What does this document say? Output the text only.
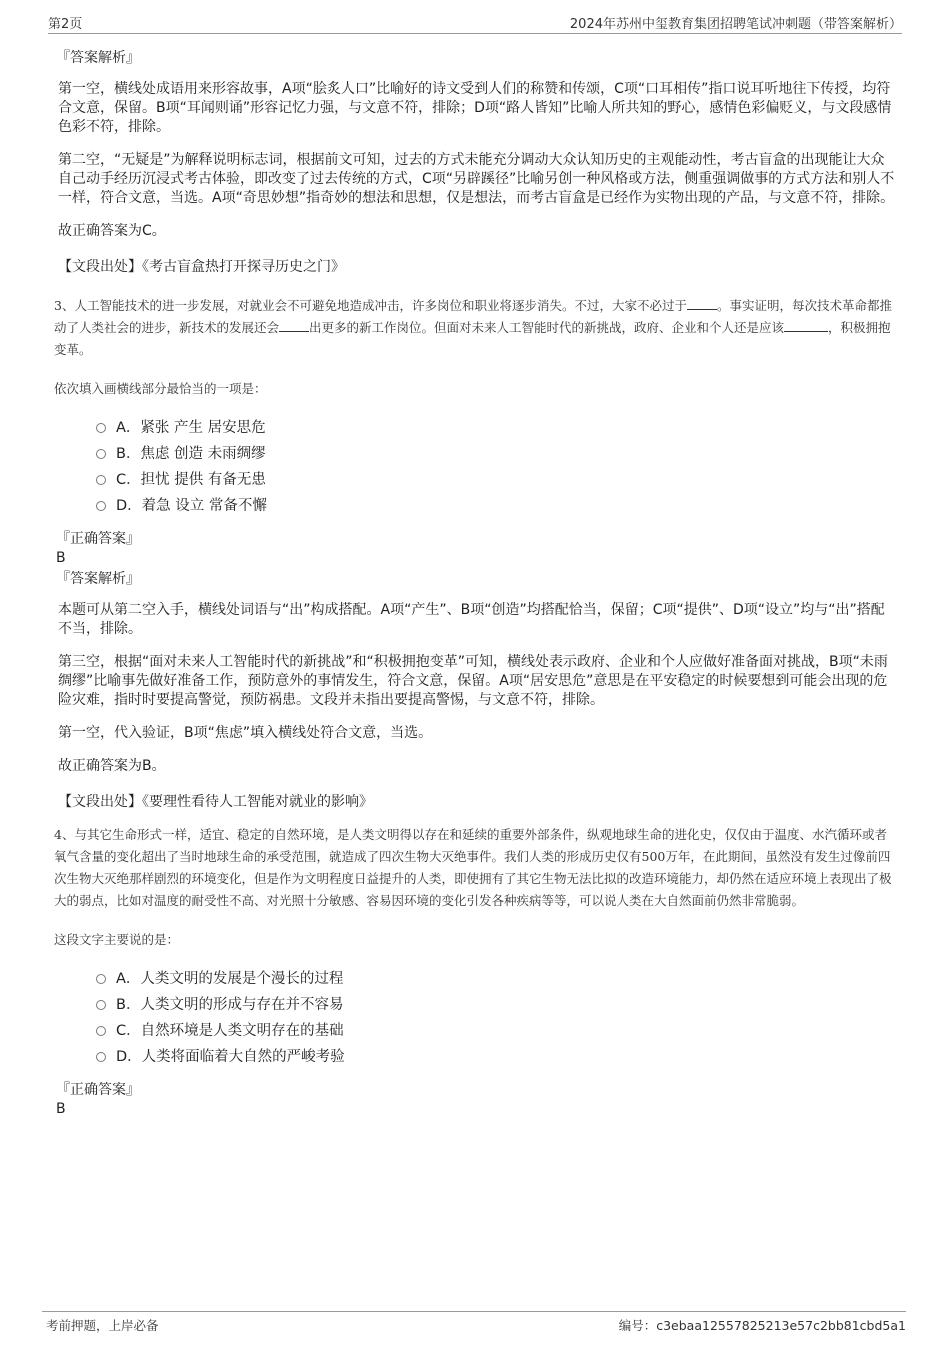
第2页	2024年苏州中玺教育集团招聘笔试冲刺题（带答案解析）
『答案解析』

第一空，横线处成语用来形容故事，A项“脍炙人口”比喻好的诗文受到人们的称赞和传颂，C项“口耳相传”指口说耳听地往下传授，均符合文意，保留。B项“耳闻则诵”形容记忆力强，与文意不符，排除；D项“路人皆知”比喻人所共知的野心，感情色彩偏贬义，与文段感情色彩不符，排除。

第二空，“无疑是”为解释说明标志词，根据前文可知，过去的方式未能充分调动大众认知历史的主观能动性，考古盲盒的出现能让大众自己动手经历沉浸式考古体验，即改变了过去传统的方式，C项“另辟蹊径”比喻另创一种风格或方法，侧重强调做事的方式方法和别人不一样，符合文意，当选。A项“奇思妙想”指奇妙的想法和思想，仅是想法，而考古盲盒是已经作为实物出现的产品，与文意不符，排除。

故正确答案为C。

【文段出处】《考古盲盒热打开探寻历史之门》
3、人工智能技术的进一步发展，对就业会不可避免地造成冲击，许多岗位和职业将逐步消失。不过，大家不必过于 。事实证明，每次技术革命都推动了人类社会的进步，新技术的发展还会 出更多的新工作岗位。但面对未来人工智能时代的新挑战，政府、企业和个人还是应该	，积极拥抱变革。
依次填入画横线部分最恰当的一项是：
A．紧张 产生 居安思危
B．焦虑 创造 未雨绸缪
C．担忧 提供 有备无患
D．着急 设立 常备不懈
『正确答案』
B
『答案解析』

本题可从第二空入手，横线处词语与“出”构成搭配。A项“产生”、B项“创造”均搭配恰当，保留；C项“提供”、D项“设立”均与“出”搭配不当，排除。

第三空，根据“面对未来人工智能时代的新挑战”和“积极拥抱变革”可知，横线处表示政府、企业和个人应做好准备面对挑战，B项“未雨绸缪”比喻事先做好准备工作，预防意外的事情发生，符合文意，保留。A项“居安思危”意思是在平安稳定的时候要想到可能会出现的危险灾难，指时时要提高警觉，预防祸患。文段并未指出要提高警惕，与文意不符，排除。

第一空，代入验证，B项“焦虑”填入横线处符合文意，当选。

故正确答案为B。

【文段出处】《要理性看待人工智能对就业的影响》
4、与其它生命形式一样，适宜、稳定的自然环境，是人类文明得以存在和延续的重要外部条件，纵观地球生命的进化史，仅仅由于温度、水汽循环或者氧气含量的变化超出了当时地球生命的承受范围，就造成了四次生物大灭绝事件。我们人类的形成历史仅有500万年，在此期间，虽然没有发生过像前四次生物大灭绝那样剧烈的环境变化，但是作为文明程度日益提升的人类，即使拥有了其它生物无法比拟的改造环境能力，却仍然在适应环境上表现出了极大的弱点，比如对温度的耐受性不高、对光照十分敏感、容易因环境的变化引发各种疾病等等，可以说人类在大自然面前仍然非常脆弱。
这段文字主要说的是：
A．人类文明的发展是个漫长的过程
B．人类文明的形成与存在并不容易
C．自然环境是人类文明存在的基础
D．人类将面临着大自然的严峻考验
『正确答案』
B
考前押题，上岸必备	编号：c3ebaa12557825213e57c2bb81cbd5a1
